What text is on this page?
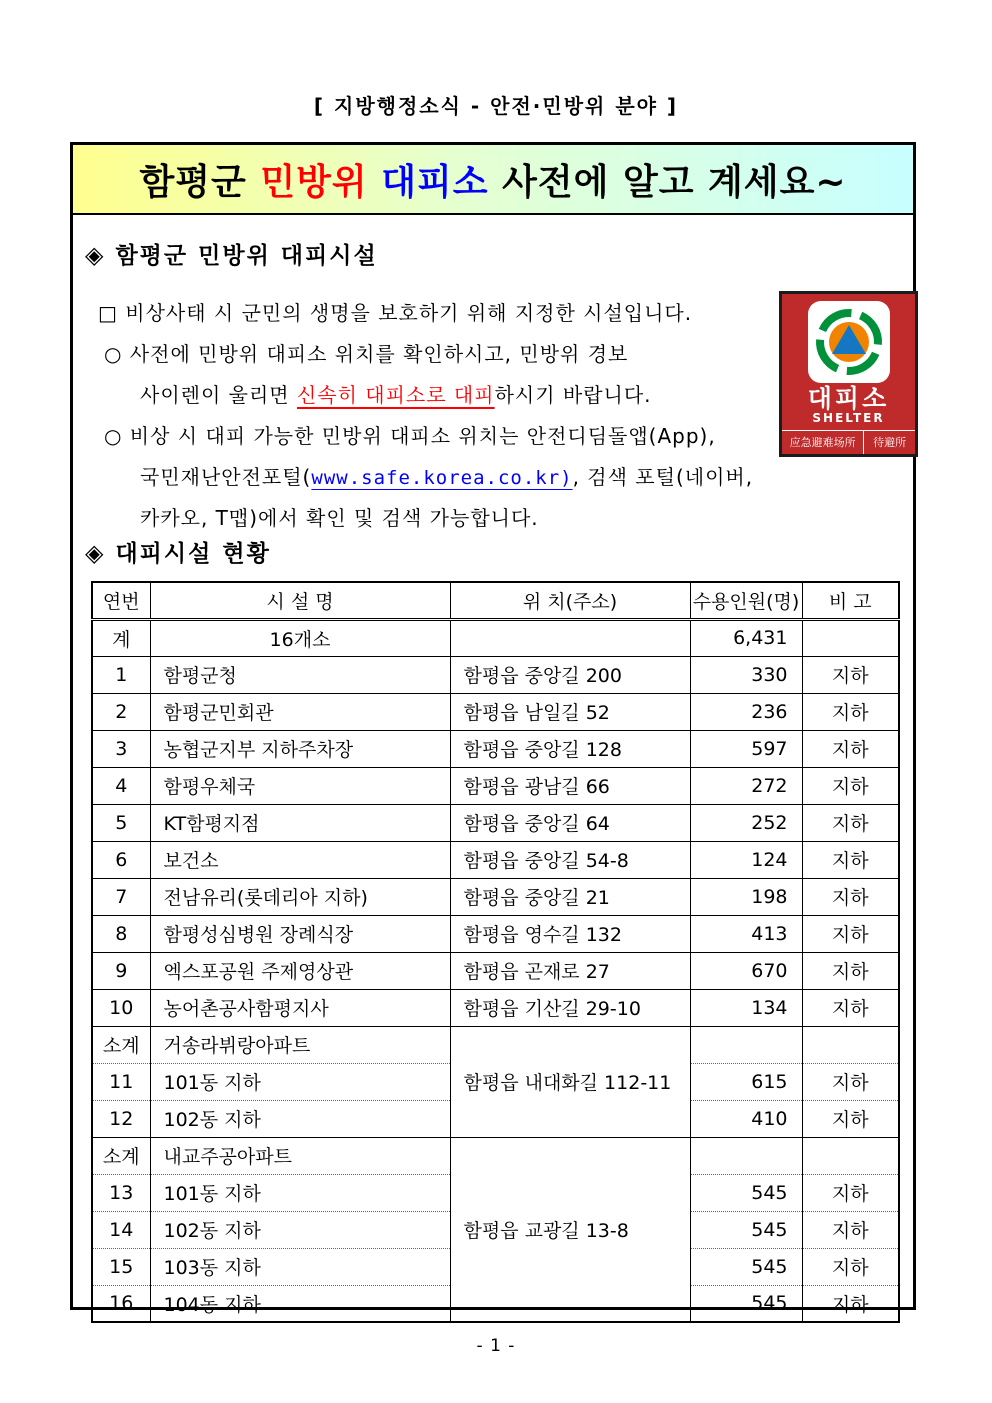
[ 지방행정소식 - 안전·민방위 분야 ]
함평군 민방위 대피소 사전에 알고 계세요~
◈ 함평군 민방위 대피시설
□ 비상사태 시 군민의 생명을 보호하기 위해 지정한 시설입니다.
○ 사전에 민방위 대피소 위치를 확인하시고, 민방위 경보
사이렌이 울리면 신속히 대피소로 대피하시기 바랍니다.
○ 비상 시 대피 가능한 민방위 대피소 위치는 안전디딤돌앱(App),
국민재난안전포털(www.safe.korea.co.kr), 검색 포털(네이버,
카카오, T맵)에서 확인 및 검색 가능합니다.
대피소
SHELTER
应急避难场所	待避所
◈ 대피시설 현황
연번	시 설 명	위 치(주소)	수용인원(명)	비 고
계	16개소		6,431	
1	함평군청	함평읍 중앙길 200	330	지하
2	함평군민회관	함평읍 남일길 52	236	지하
3	농협군지부 지하주차장	함평읍 중앙길 128	597	지하
4	함평우체국	함평읍 광남길 66	272	지하
5	KT함평지점	함평읍 중앙길 64	252	지하
6	보건소	함평읍 중앙길 54-8	124	지하
7	전남유리(롯데리아 지하)	함평읍 중앙길 21	198	지하
8	함평성심병원 장례식장	함평읍 영수길 132	413	지하
9	엑스포공원 주제영상관	함평읍 곤재로 27	670	지하
10	농어촌공사함평지사	함평읍 기산길 29-10	134	지하
소계	거송라뷔랑아파트	함평읍 내대화길 112-11		
11	101동 지하		615	지하
12	102동 지하		410	지하
소계	내교주공아파트	함평읍 교광길 13-8		
13	101동 지하		545	지하
14	102동 지하		545	지하
15	103동 지하		545	지하
16	104동 지하		545	지하
- 1 -
